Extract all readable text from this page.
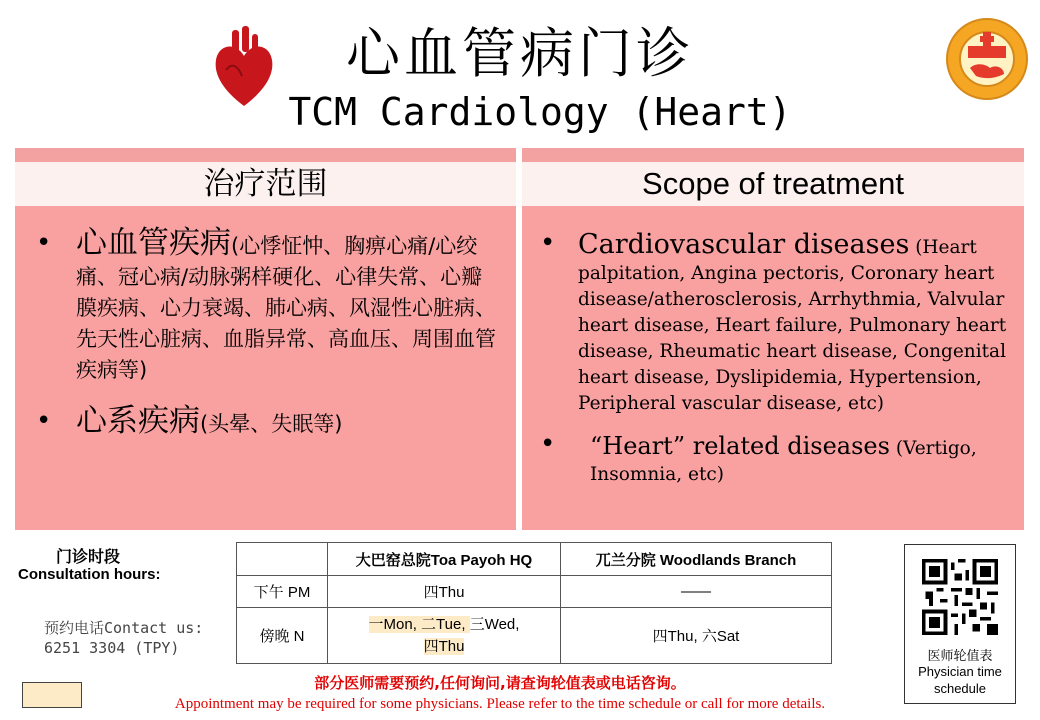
心血管病门诊
TCM Cardiology (Heart)
治疗范围	Scope of treatment
• 心血管疾病(心悸怔忡、胸痹心痛/心绞痛、冠心病/动脉粥样硬化、心律失常、心瓣膜疾病、心力衰竭、肺心病、风湿性心脏病、先天性心脏病、血脂异常、高血压、周围血管疾病等)
• 心系疾病(头晕、失眠等)
• Cardiovascular diseases (Heart palpitation, Angina pectoris, Coronary heart disease/atherosclerosis, Arrhythmia, Valvular heart disease, Heart failure, Pulmonary heart disease, Rheumatic heart disease, Congenital heart disease, Dyslipidemia, Hypertension, Peripheral vascular disease, etc)
• “Heart” related diseases (Vertigo, Insomnia, etc)
门诊时段
Consultation hours:
预约电话Contact us:
6251 3304 (TPY)
	大巴窑总院Toa Payoh HQ	兀兰分院 Woodlands Branch
下午 PM	四Thu	——
傍晚 N	一Mon, 二Tue, 三Wed,
四Thu	四Thu, 六Sat
医师轮值表
Physician time
schedule
部分医师需要预约,任何询问,请查询轮值表或电话咨询。
Appointment may be required for some physicians. Please refer to the time schedule or call for more details.
